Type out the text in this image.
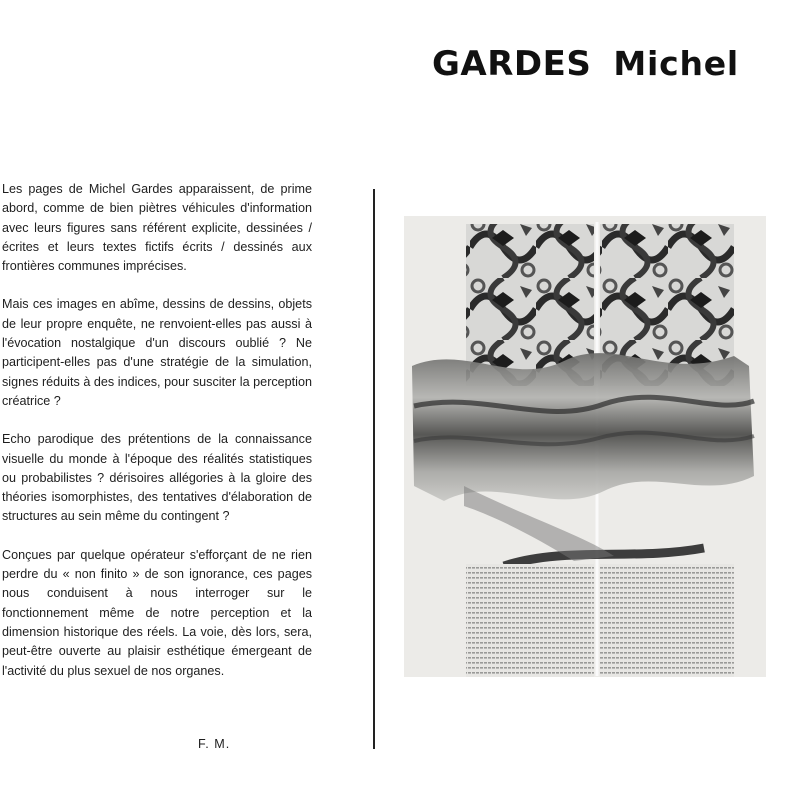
GARDES Michel

Les pages de Michel Gardes apparaissent, de prime abord, comme de bien piètres véhicules d'information avec leurs figures sans référent explicite, dessinées / écrites et leurs textes fictifs écrits / dessinés aux frontières communes imprécises.

Mais ces images en abîme, dessins de dessins, objets de leur propre enquête, ne renvoient-elles pas aussi à l'évocation nostalgique d'un discours oublié ? Ne participent-elles pas d'une stratégie de la simulation, signes réduits à des indices, pour susciter la perception créatrice ?

Echo parodique des prétentions de la connaissance visuelle du monde à l'époque des réalités statistiques ou probabilistes ? dérisoires allégories à la gloire des théories isomorphistes, des tentatives d'élaboration de structures au sein même du contingent ?

Conçues par quelque opérateur s'efforçant de ne rien perdre du « non finito » de son ignorance, ces pages nous conduisent à nous interroger sur le fonctionnement même de notre perception et la dimension historique des réels. La voie, dès lors, sera, peut-être ouverte au plaisir esthétique émergeant de l'activité du plus sexuel de nos organes.

F. M.
